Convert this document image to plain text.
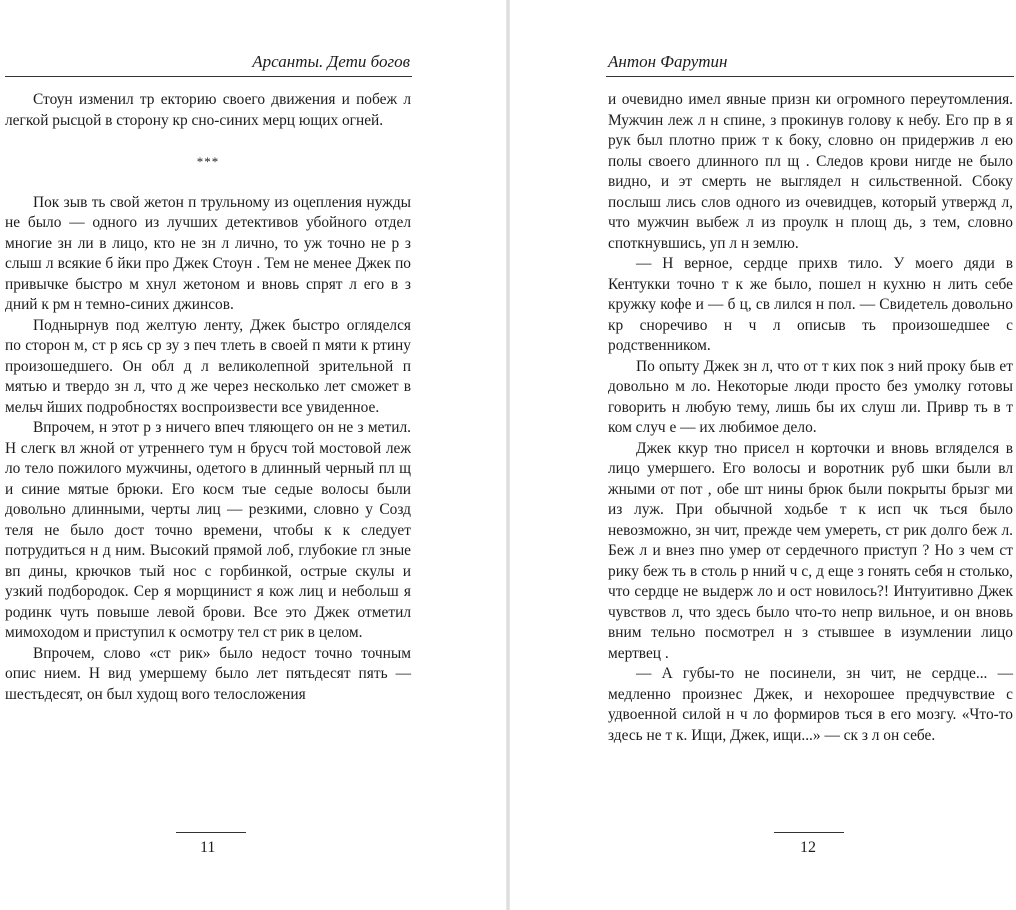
Арсанты. Дети богов

Стоун изменил тр екторию своего движения и побеж л легкой рысцой в сторону кр сно-синих мерц ющих огней.

***

Пок зыв ть свой жетон п трульному из оцепления нужды не было — одного из лучших детективов убойного отдел многие зн ли в лицо, кто не зн л лично, то уж точно не р з слыш л всякие б йки про Джек Стоун . Тем не менее Джек по привычке быстро м хнул жетоном и вновь спрят л его в з дний к рм н темно-синих джинсов.

Поднырнув под желтую ленту, Джек быстро огляделся по сторон м, ст р ясь ср зу з печ тлеть в своей п мяти к ртину произошедшего. Он обл д л великолепной зрительной п мятью и твердо зн л, что д же через несколько лет сможет в мельч йших подробностях воспроизвести все увиденное.

Впрочем, н этот р з ничего впеч тляющего он не з метил. Н слегк вл жной от утреннего тум н брусч той мостовой леж ло тело пожилого мужчины, одетого в длинный черный пл щ и синие мятые брюки. Его косм тые седые волосы были довольно длинными, черты лиц — резкими, словно у Созд теля не было дост точно времени, чтобы к к следует потрудиться н д ним. Высокий прямой лоб, глубокие гл зные вп дины, крючков тый нос с горбинкой, острые скулы и узкий подбородок. Сер я морщинист я кож лиц и небольш я родинк чуть повыше левой брови. Все это Джек отметил мимоходом и приступил к осмотру тел ст рик в целом.

Впрочем, слово «ст рик» было недост точно точным опис нием. Н вид умершему было лет пятьдесят пять — шестьдесят, он был худощ вого телосложения

11
Антон Фарутин

и очевидно имел явные призн ки огромного переутомления. Мужчин леж л н спине, з прокинув голову к небу. Его пр в я рук был плотно приж т к боку, словно он придержив л ею полы своего длинного пл щ . Следов крови нигде не было видно, и эт смерть не выглядел н сильственной. Сбоку послыш лись слов одного из очевидцев, который утвержд л, что мужчин выбеж л из проулк н площ дь, з тем, словно споткнувшись, уп л н землю.

— Н верное, сердце прихв тило. У моего дяди в Кентукки точно т к же было, пошел н кухню н лить себе кружку кофе и — б ц, св лился н пол. — Свидетель довольно кр сноречиво н ч л описыв ть произошедшее с родственником.

По опыту Джек зн л, что от т ких пок з ний проку быв ет довольно м ло. Некоторые люди просто без умолку готовы говорить н любую тему, лишь бы их слуш ли. Привр ть в т ком случ е — их любимое дело.

Джек ккур тно присел н корточки и вновь вгляделся в лицо умершего. Его волосы и воротник руб шки были вл жными от пот , обе шт нины брюк были покрыты брызг ми из луж. При обычной ходьбе т к исп чк ться было невозможно, зн чит, прежде чем умереть, ст рик долго беж л. Беж л и внез пно умер от сердечного приступ ? Но з чем ст рику беж ть в столь р нний ч с, д еще з гонять себя н столько, что сердце не выдерж ло и ост новилось?! Интуитивно Джек чувствов л, что здесь было что-то непр вильное, и он вновь вним тельно посмотрел н з стывшее в изумлении лицо мертвец .

— А губы-то не посинели, зн чит, не сердце... — медленно произнес Джек, и нехорошее предчувствие с удвоенной силой н ч ло формиров ться в его мозгу. «Что-то здесь не т к. Ищи, Джек, ищи...» — ск з л он себе.

12
